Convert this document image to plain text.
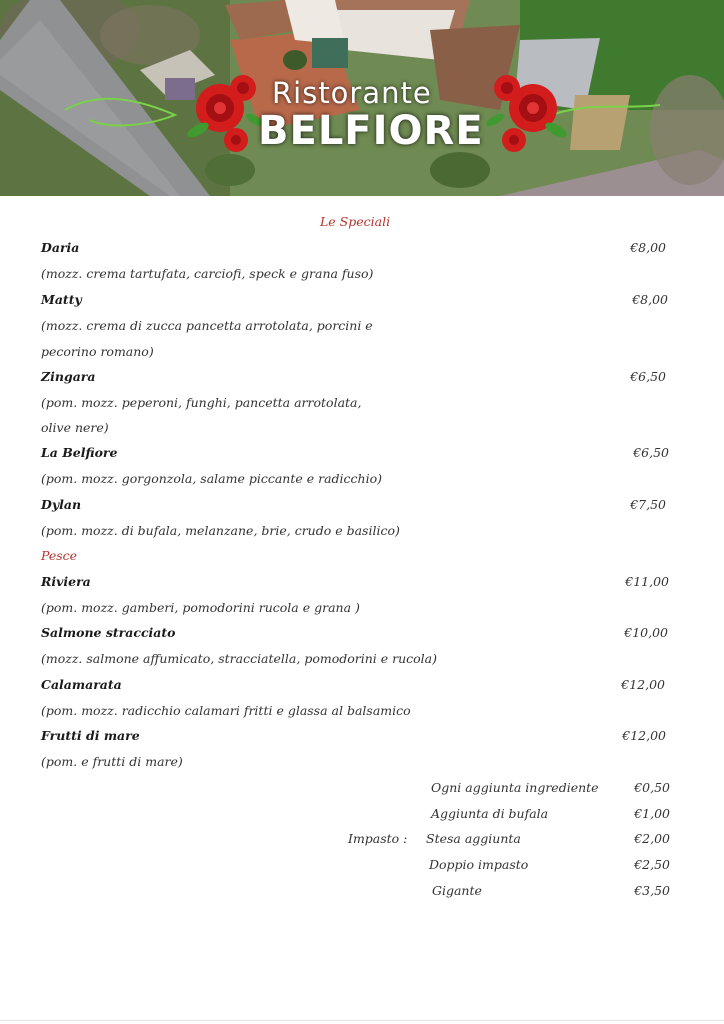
Ristorante
BELFIORE
Le Speciali
Daria	€8,00
(mozz. crema tartufata, carciofi, speck e grana fuso)
Matty	€8,00
(mozz. crema di zucca pancetta arrotolata, porcini e
pecorino romano)
Zingara	€6,50
(pom. mozz. peperoni, funghi, pancetta arrotolata,
olive nere)
La Belfiore	€6,50
(pom. mozz. gorgonzola, salame piccante e radicchio)
Dylan	€7,50
(pom. mozz. di bufala, melanzane, brie, crudo e basilico)
Pesce
Riviera	€11,00
(pom. mozz. gamberi, pomodorini rucola e grana )
Salmone stracciato	€10,00
(mozz. salmone affumicato, stracciatella, pomodorini e rucola)
Calamarata	€12,00
(pom. mozz. radicchio calamari fritti e glassa al balsamico
Frutti di mare	€12,00
(pom. e frutti di mare)
Ogni aggiunta ingrediente	€0,50
Aggiunta di bufala	€1,00
Impasto : Stesa aggiunta	€2,00
Doppio impasto	€2,50
Gigante	€3,50
